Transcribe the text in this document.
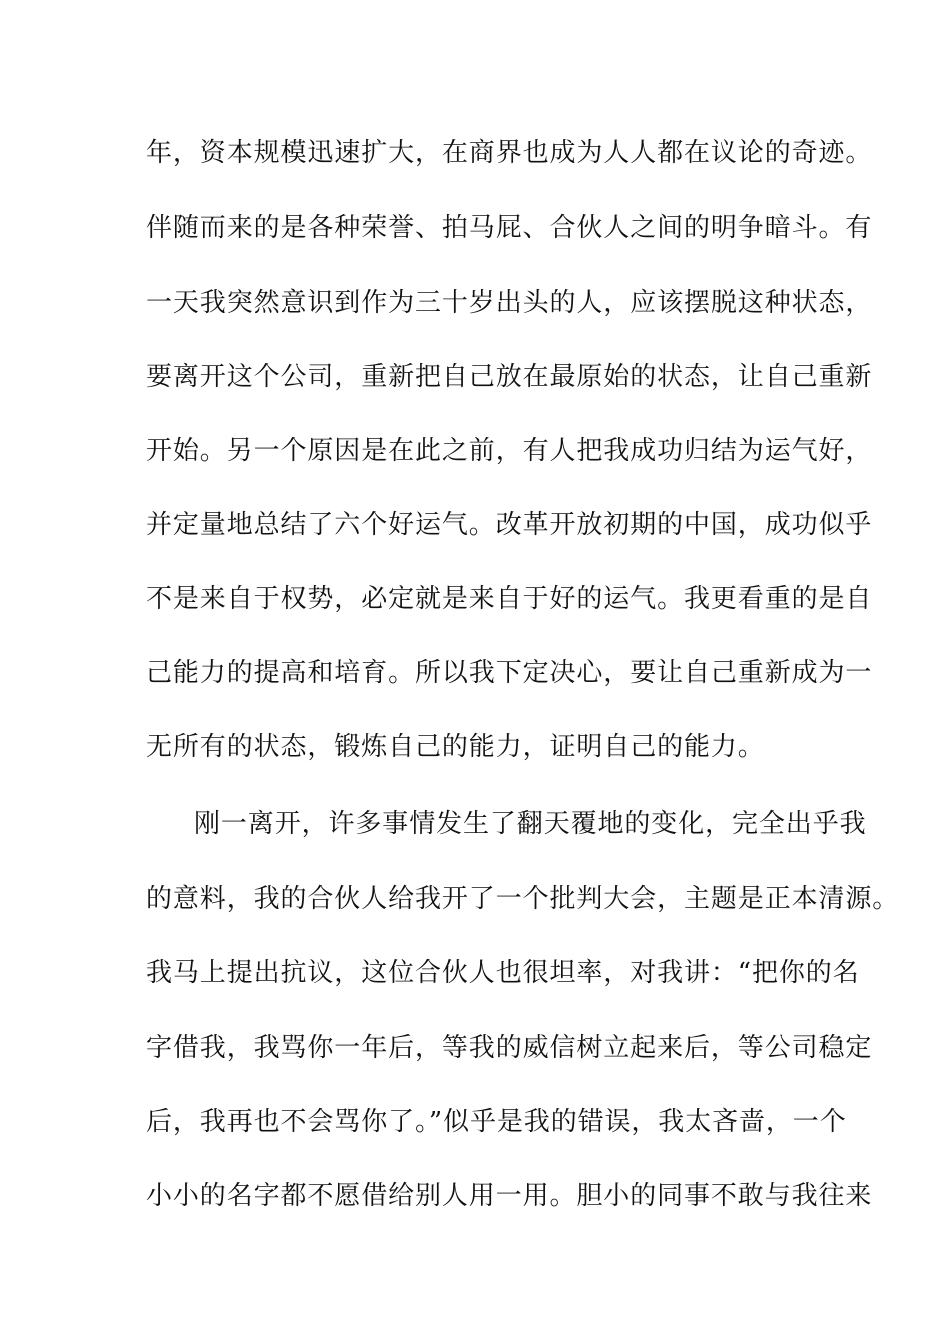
年，资本规模迅速扩大，在商界也成为人人都在议论的奇迹。
伴随而来的是各种荣誉、拍马屁、合伙人之间的明争暗斗。有
一天我突然意识到作为三十岁出头的人，应该摆脱这种状态，
要离开这个公司，重新把自己放在最原始的状态，让自己重新
开始。另一个原因是在此之前，有人把我成功归结为运气好，
并定量地总结了六个好运气。改革开放初期的中国，成功似乎
不是来自于权势，必定就是来自于好的运气。我更看重的是自
己能力的提高和培育。所以我下定决心，要让自己重新成为一
无所有的状态，锻炼自己的能力，证明自己的能力。
刚一离开，许多事情发生了翻天覆地的变化，完全出乎我
的意料，我的合伙人给我开了一个批判大会，主题是正本清源。
我马上提出抗议，这位合伙人也很坦率，对我讲：“把你的名
字借我，我骂你一年后，等我的威信树立起来后，等公司稳定
后，我再也不会骂你了。”似乎是我的错误，我太吝啬，一个
小小的名字都不愿借给别人用一用。胆小的同事不敢与我往来
